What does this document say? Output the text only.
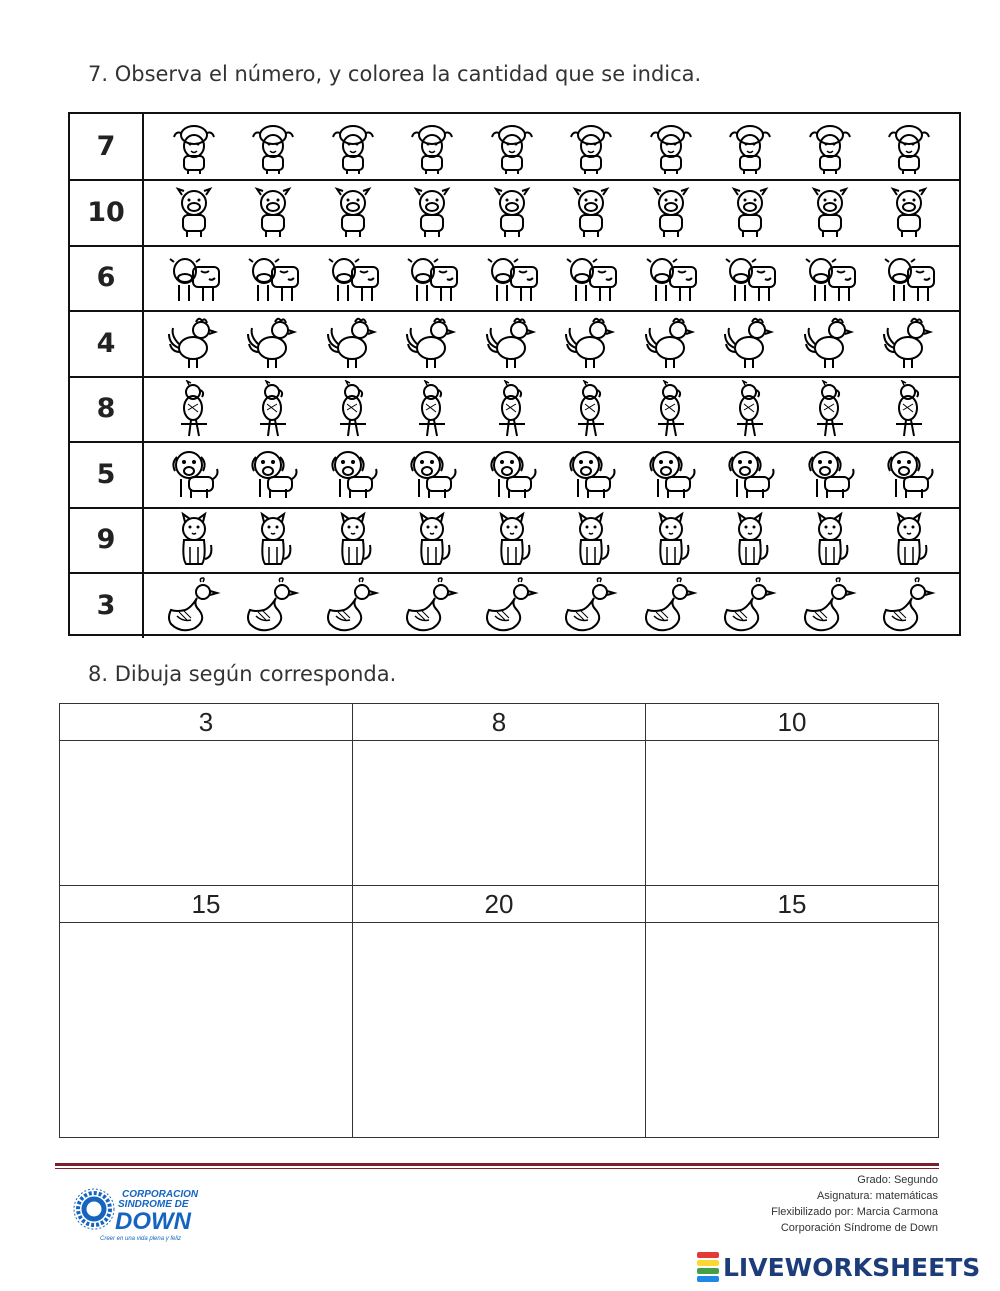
7. Observa el número, y colorea la cantidad que se indica.
7
10
6
4
8
5
9
3
8. Dibuja según corresponda.
3	8	10

15	20	15

Grado: Segundo
Asignatura: matemáticas
Flexibilizado por: Marcia Carmona
Corporación Síndrome de Down
CORPORACION
SINDROME DE
DOWN
Creer en una vida plena y feliz
LIVEWORKSHEETS
